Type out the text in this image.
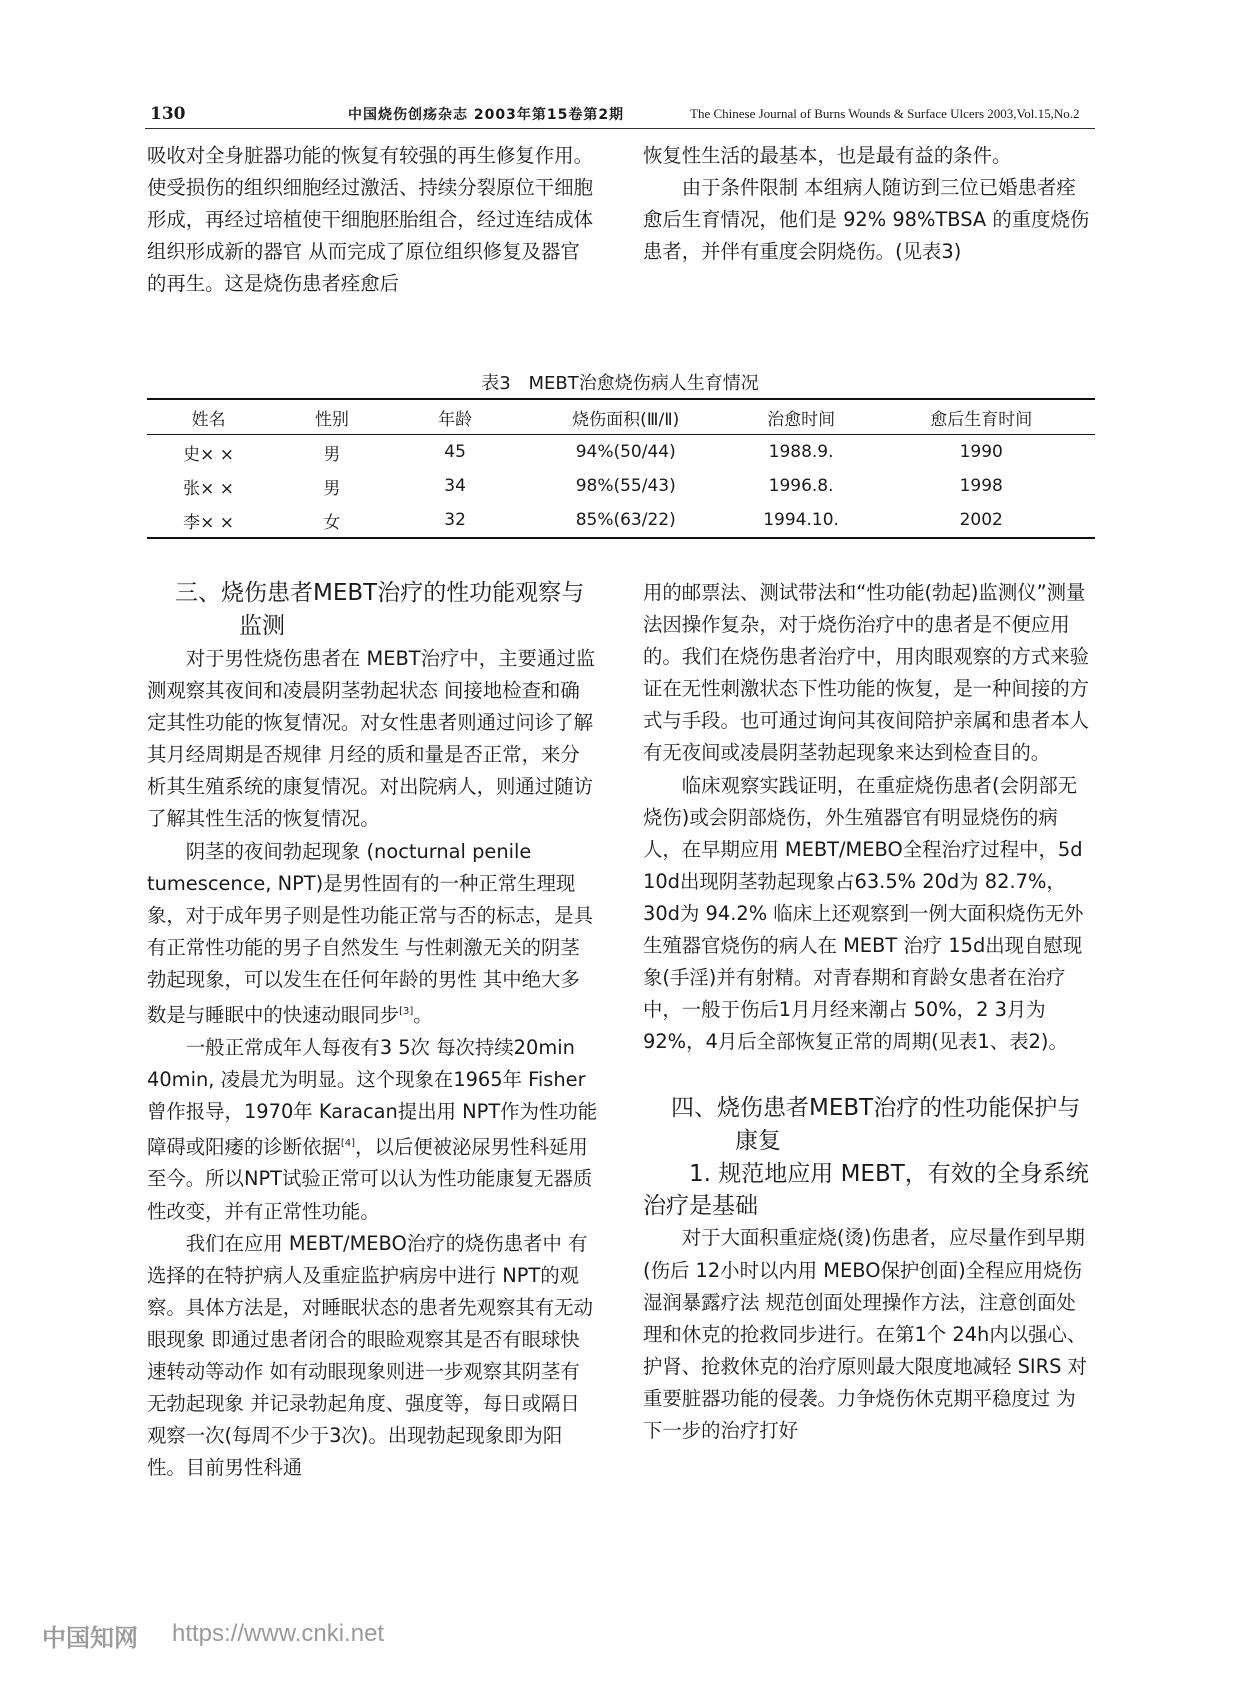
130	中国烧伤创疡杂志 2003年第15卷第2期	The Chinese Journal of Burns Wounds & Surface Ulcers 2003,Vol.15,No.2

吸收对全身脏器功能的恢复有较强的再生修复作用。使受损伤的组织细胞经过激活、持续分裂原位干细胞形成，再经过培植使干细胞胚胎组合，经过连结成体组织形成新的器官 从而完成了原位组织修复及器官的再生。这是烧伤患者痊愈后

恢复性生活的最基本，也是最有益的条件。

由于条件限制 本组病人随访到三位已婚患者痊愈后生育情况，他们是 92% 98%TBSA 的重度烧伤患者，并伴有重度会阴烧伤。(见表3)

表3 MEBT治愈烧伤病人生育情况
姓名	性别	年龄	烧伤面积(Ⅲ/Ⅱ)	治愈时间	愈后生育时间
史× ×	男	45	94%(50/44)	1988.9.	1990
张× ×	男	34	98%(55/43)	1996.8.	1998
李× ×	女	32	85%(63/22)	1994.10.	2002
三、烧伤患者MEBT治疗的性功能观察与
监测

对于男性烧伤患者在 MEBT治疗中，主要通过监测观察其夜间和凌晨阴茎勃起状态 间接地检查和确定其性功能的恢复情况。对女性患者则通过问诊了解其月经周期是否规律 月经的质和量是否正常，来分析其生殖系统的康复情况。对出院病人，则通过随访了解其性生活的恢复情况。

阴茎的夜间勃起现象 (nocturnal penile tumescence, NPT)是男性固有的一种正常生理现象，对于成年男子则是性功能正常与否的标志，是具有正常性功能的男子自然发生 与性刺激无关的阴茎勃起现象，可以发生在任何年龄的男性 其中绝大多数是与睡眠中的快速动眼同步[3]。

一般正常成年人每夜有3 5次 每次持续20min 40min, 凌晨尤为明显。这个现象在1965年 Fisher 曾作报导，1970年 Karacan提出用 NPT作为性功能障碍或阳痿的诊断依据[4]，以后便被泌尿男性科延用至今。所以NPT试验正常可以认为性功能康复无器质性改变，并有正常性功能。

我们在应用 MEBT/MEBO治疗的烧伤患者中 有选择的在特护病人及重症监护病房中进行 NPT的观察。具体方法是，对睡眠状态的患者先观察其有无动眼现象 即通过患者闭合的眼睑观察其是否有眼球快速转动等动作 如有动眼现象则进一步观察其阴茎有无勃起现象 并记录勃起角度、强度等，每日或隔日观察一次(每周不少于3次)。出现勃起现象即为阳性。目前男性科通

用的邮票法、测试带法和“性功能(勃起)监测仪”测量法因操作复杂，对于烧伤治疗中的患者是不便应用的。我们在烧伤患者治疗中，用肉眼观察的方式来验证在无性刺激状态下性功能的恢复，是一种间接的方式与手段。也可通过询问其夜间陪护亲属和患者本人有无夜间或凌晨阴茎勃起现象来达到检查目的。

临床观察实践证明，在重症烧伤患者(会阴部无烧伤)或会阴部烧伤，外生殖器官有明显烧伤的病人，在早期应用 MEBT/MEBO全程治疗过程中，5d 10d出现阴茎勃起现象占63.5% 20d为 82.7%，30d为 94.2% 临床上还观察到一例大面积烧伤无外生殖器官烧伤的病人在 MEBT 治疗 15d出现自慰现象(手淫)并有射精。对青春期和育龄女患者在治疗中，一般于伤后1月月经来潮占 50%，2 3月为 92%，4月后全部恢复正常的周期(见表1、表2)。

四、烧伤患者MEBT治疗的性功能保护与
康复
1. 规范地应用 MEBT，有效的全身系统治疗是基础

对于大面积重症烧(烫)伤患者，应尽量作到早期(伤后 12小时以内用 MEBO保护创面)全程应用烧伤湿润暴露疗法 规范创面处理操作方法，注意创面处理和休克的抢救同步进行。在第1个 24h内以强心、护肾、抢救休克的治疗原则最大限度地减轻 SIRS 对重要脏器功能的侵袭。力争烧伤休克期平稳度过 为下一步的治疗打好

中国知网 https://www.cnki.net
